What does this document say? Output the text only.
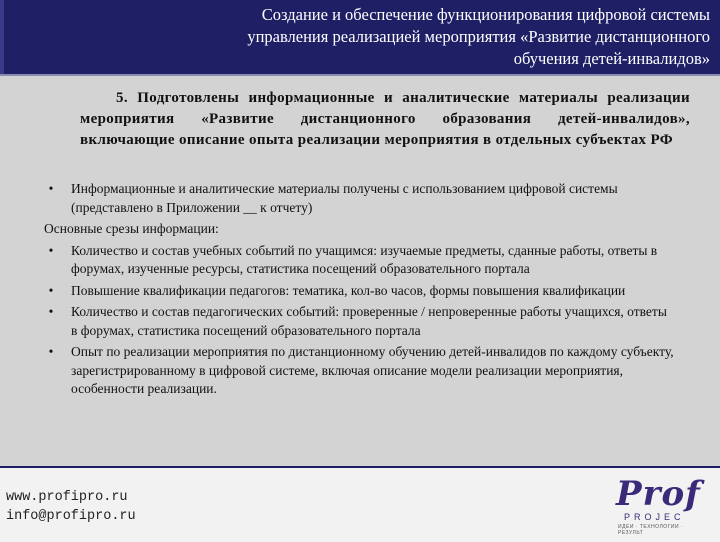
Создание и обеспечение функционирования цифровой системы управления реализацией мероприятия «Развитие дистанционного обучения детей-инвалидов»

5. Подготовлены информационные и аналитические материалы реализации мероприятия «Развитие дистанционного образования детей-инвалидов», включающие описание опыта реализации мероприятия в отдельных субъектах РФ

•	Информационные и аналитические материалы получены с использованием цифровой системы (представлено в Приложении __ к отчету)
Основные срезы информации:
•	Количество и состав учебных событий по учащимся: изучаемые предметы, сданные работы, ответы в форумах, изученные ресурсы, статистика посещений образовательного портала
•	Повышение квалификации педагогов: тематика, кол-во часов, формы повышения квалификации
•	Количество и состав педагогических событий: проверенные / непроверенные работы учащихся, ответы в форумах, статистика посещений образовательного портала
•	Опыт по реализации мероприятия по дистанционному обучению детей-инвалидов по каждому субъекту, зарегистрированному в цифровой системе, включая описание модели реализации мероприятия, особенности реализации.
www.profipro.ru
info@profipro.ru
Prof
PROJEC
ИДЕИ · ТЕХНОЛОГИИ · РЕЗУЛЬТ
